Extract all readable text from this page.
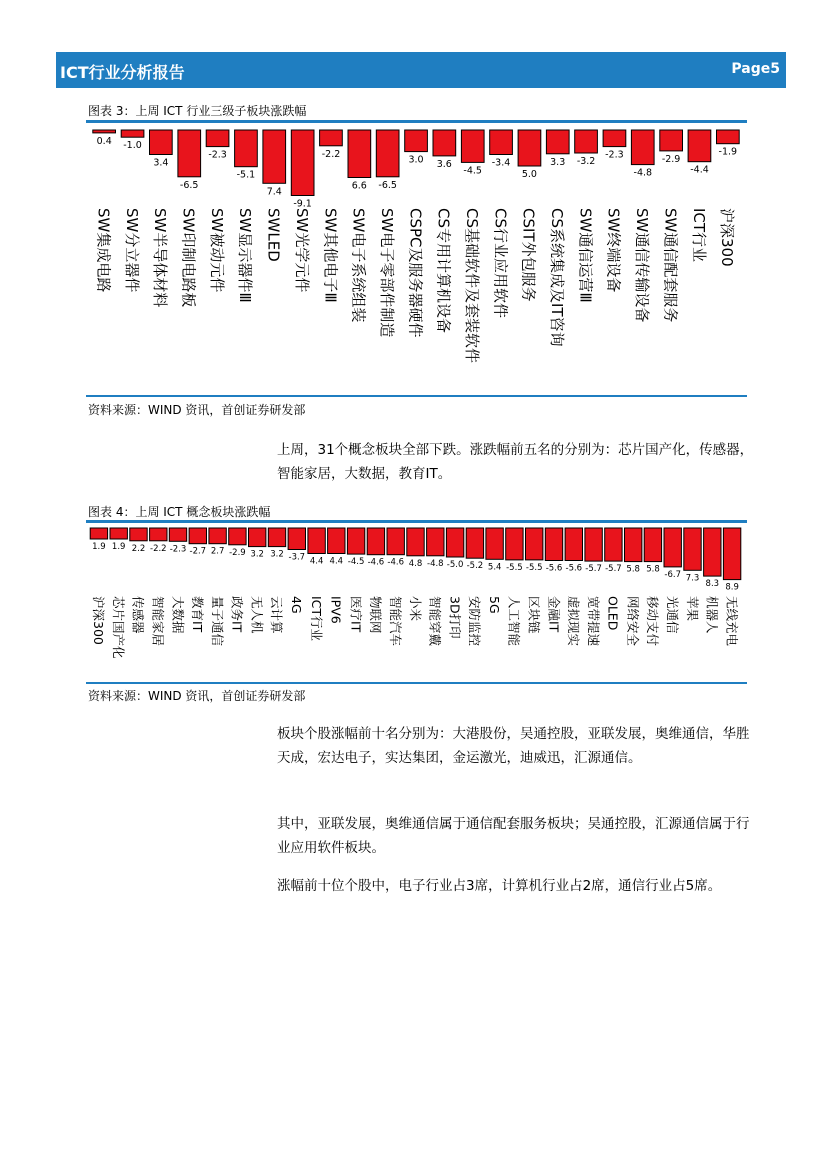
ICT行业分析报告	Page5
图表 3：上周 ICT 行业三级子板块涨跌幅
0.4
SW集成电路
-1.0
SW分立器件
3.4
SW半导体材料
-6.5
SW印制电路板
-2.3
SW被动元件
-5.1
SW显示器件Ⅲ
7.4
SWLED
-9.1
SW光学元件
-2.2
SW其他电子Ⅲ
6.6
SW电子系统组装
-6.5
SW电子零部件制造
3.0
CSPC及服务器硬件
3.6
CS专用计算机设备
-4.5
CS基础软件及套装软件
-3.4
CS行业应用软件
5.0
CSIT外包服务
3.3
CS系统集成及IT咨询
-3.2
SW通信运营Ⅲ
-2.3
SW终端设备
-4.8
SW通信传输设备
-2.9
SW通信配套服务
-4.4
ICT行业
-1.9
沪深300
资料来源：WIND 资讯，首创证券研发部

上周，31个概念板块全部下跌。涨跌幅前五名的分别为：芯片国产化，传感器，智能家居，大数据，教育IT。

图表 4：上周 ICT 概念板块涨跌幅
1.9
沪深300
1.9
芯片国产化
2.2
传感器
-2.2
智能家居
-2.3
大数据
-2.7
教育IT
2.7
量子通信
-2.9
政务IT
3.2
无人机
3.2
云计算
-3.7
4G
4.4
ICT行业
4.4
IPV6
-4.5
医疗IT
-4.6
物联网
-4.6
智能汽车
4.8
小米
-4.8
智能穿戴
-5.0
3D打印
-5.2
安防监控
5.4
5G
-5.5
人工智能
-5.5
区块链
-5.6
金融IT
-5.6
虚拟现实
-5.7
宽带提速
-5.7
OLED
5.8
网络安全
5.8
移动支付
-6.7
光通信
7.3
苹果
8.3
机器人
8.9
无线充电
资料来源：WIND 资讯，首创证券研发部

板块个股涨幅前十名分别为：大港股份，吴通控股，亚联发展，奥维通信，华胜天成，宏达电子，实达集团，金运激光，迪威迅，汇源通信。

其中，亚联发展，奥维通信属于通信配套服务板块；吴通控股，汇源通信属于行业应用软件板块。

涨幅前十位个股中，电子行业占3席，计算机行业占2席，通信行业占5席。
